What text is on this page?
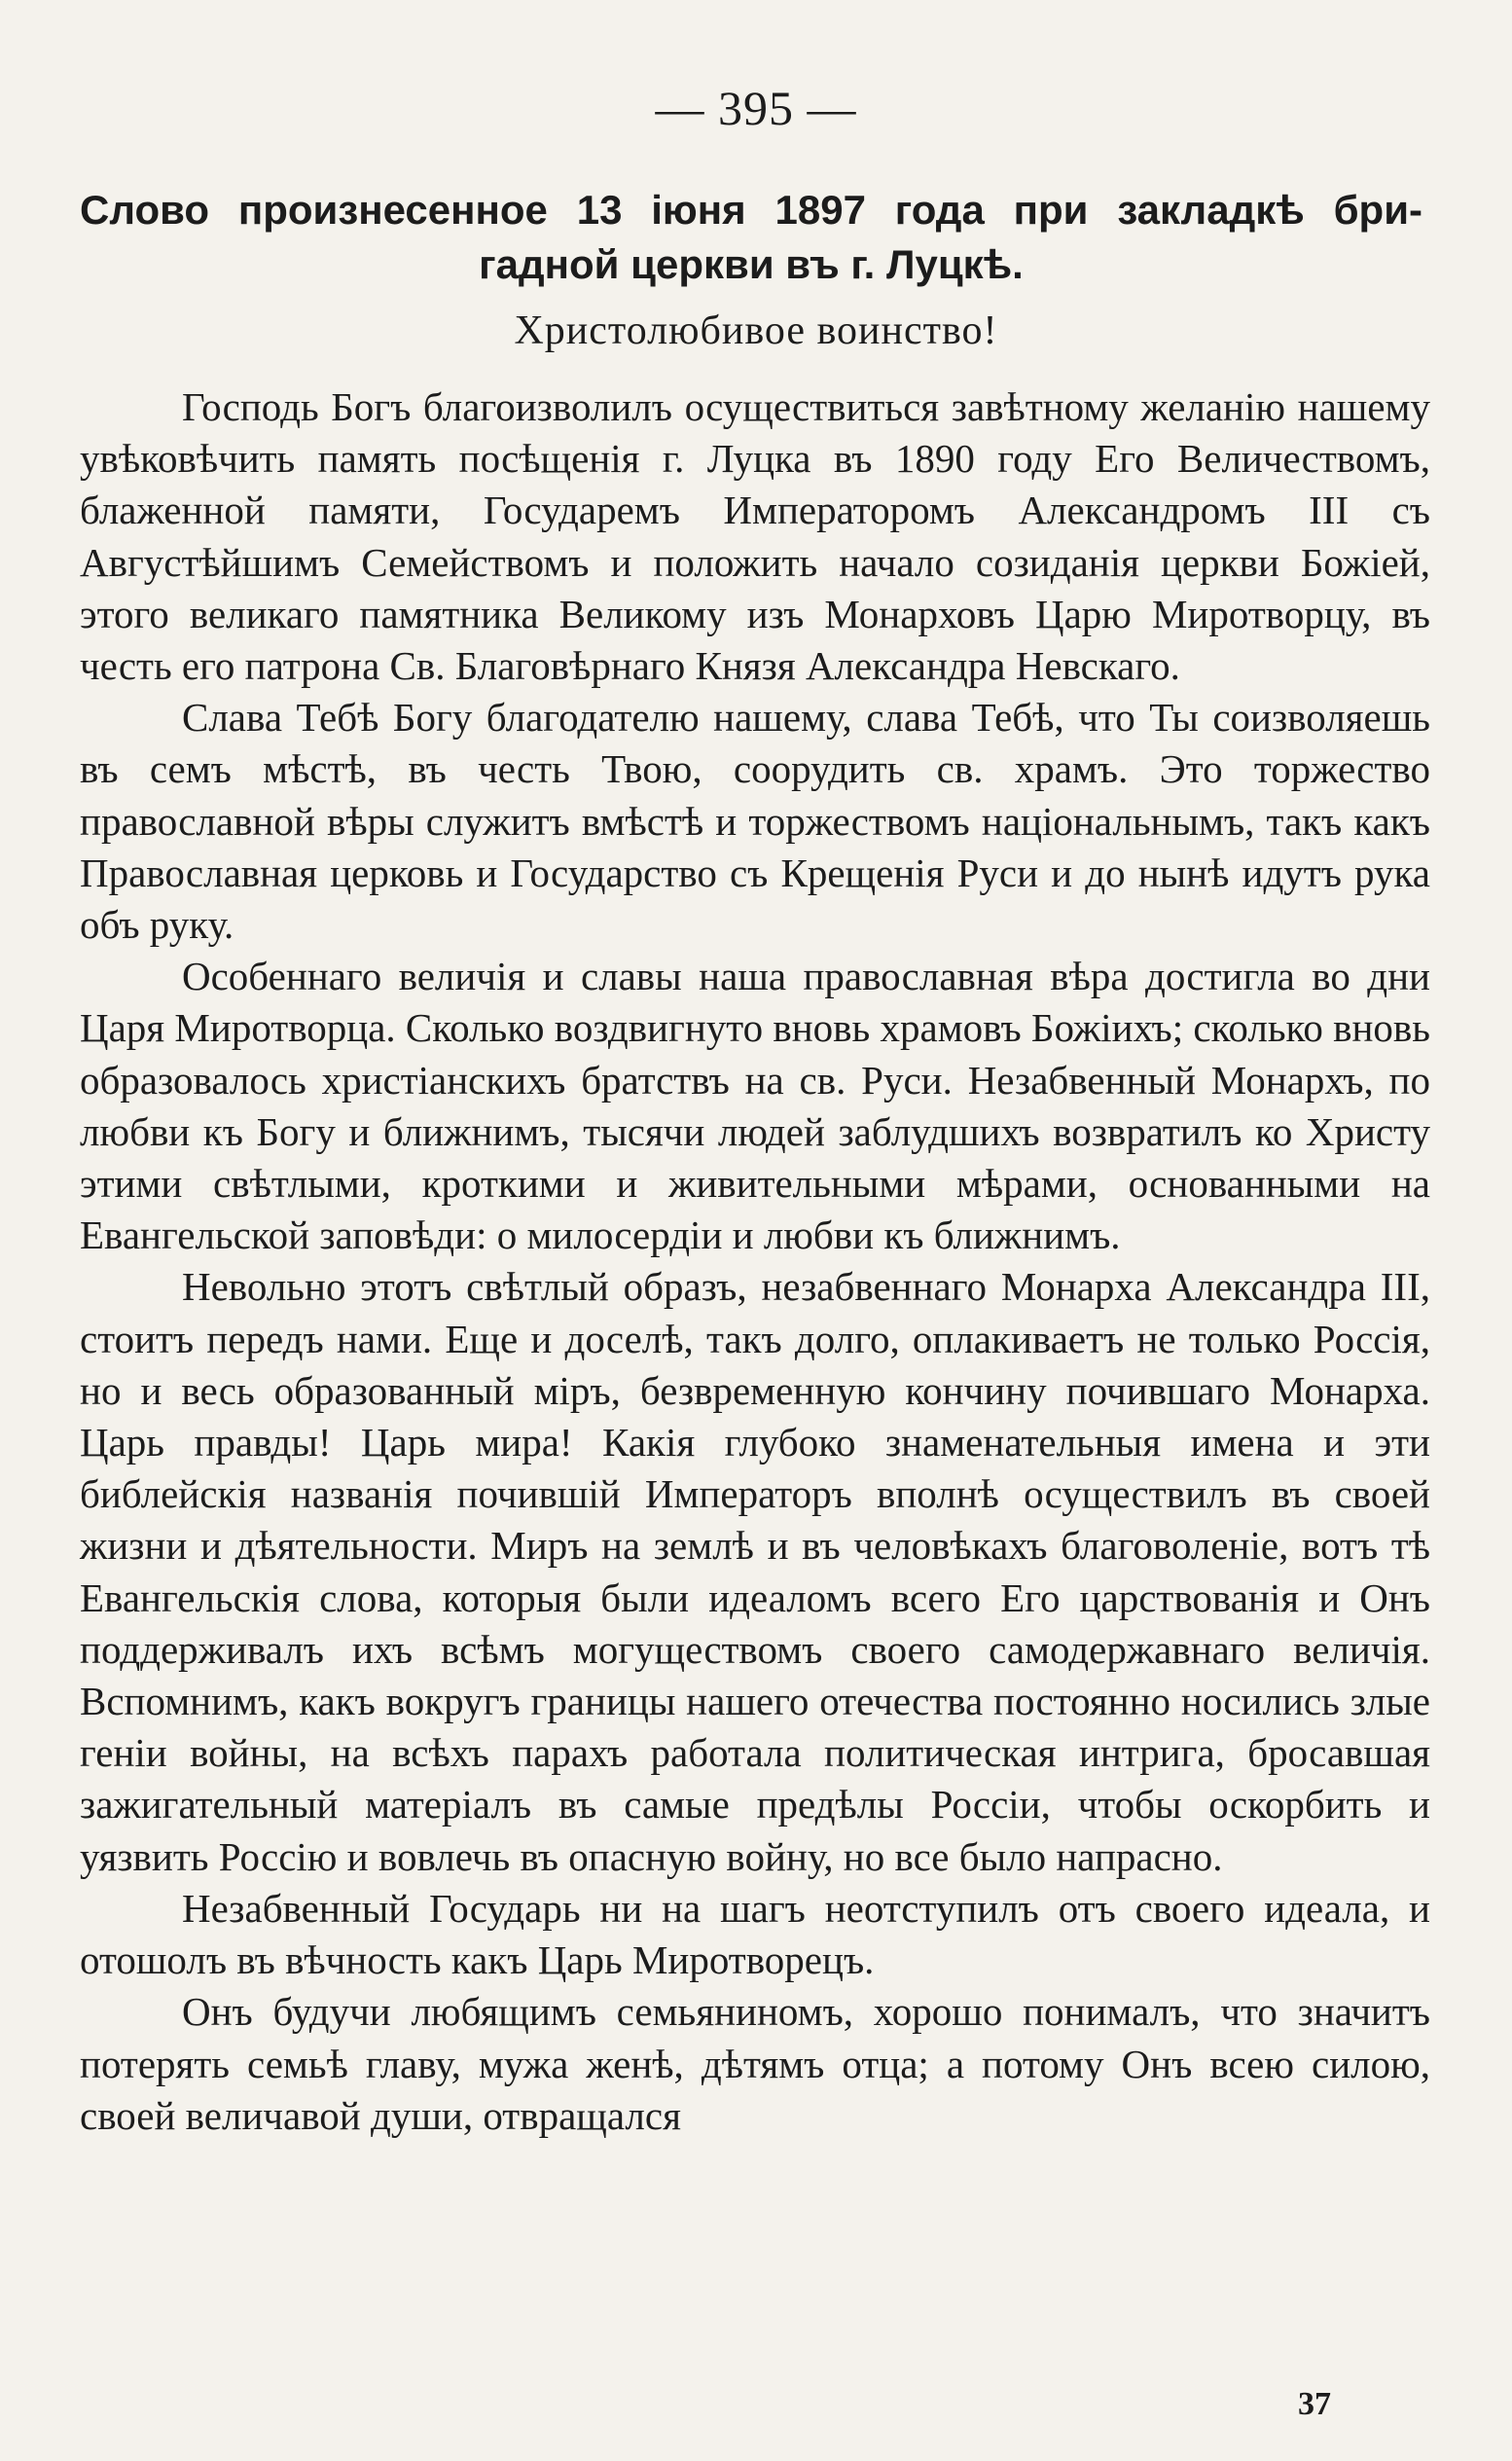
— 395 —
Слово произнесенное 13 іюня 1897 года при закладкѣ бри-
гадной церкви въ г. Луцкѣ.
Христолюбивое воинство!

Господь Богъ благоизволилъ осуществиться завѣтному желанію нашему увѣковѣчить память посѣщенія г. Луцка въ 1890 году Его Величествомъ, блаженной памяти, Государемъ Императоромъ Александромъ III съ Августѣйшимъ Семействомъ и положить начало созиданія церкви Божіей, этого великаго памятника Великому изъ Монарховъ Царю Миротворцу, въ честь его патрона Св. Благовѣрнаго Князя Александра Невскаго.

Слава Тебѣ Богу благодателю нашему, слава Тебѣ, что Ты соизволяешь въ семъ мѣстѣ, въ честь Твою, соорудить св. храмъ. Это торжество православной вѣры служитъ вмѣстѣ и торжествомъ національнымъ, такъ какъ Православная церковь и Государство съ Крещенія Руси и до нынѣ идутъ рука объ руку.

Особеннаго величія и славы наша православная вѣра достигла во дни Царя Миротворца. Сколько воздвигнуто вновь храмовъ Божіихъ; сколько вновь образовалось христіанскихъ братствъ на св. Руси. Незабвенный Монархъ, по любви къ Богу и ближнимъ, тысячи людей заблудшихъ возвратилъ ко Христу этими свѣтлыми, кроткими и живительными мѣрами, основанными на Евангельской заповѣди: о милосердіи и любви къ ближнимъ.

Невольно этотъ свѣтлый образъ, незабвеннаго Монарха Александра III, стоитъ передъ нами. Еще и доселѣ, такъ долго, оплакиваетъ не только Россія, но и весь образованный міръ, безвременную кончину почившаго Монарха. Царь правды! Царь мира! Какія глубоко знаменательныя имена и эти библейскія названія почившій Императоръ вполнѣ осуществилъ въ своей жизни и дѣятельности. Миръ на землѣ и въ человѣкахъ благоволеніе, вотъ тѣ Евангельскія слова, которыя были идеаломъ всего Его царствованія и Онъ поддерживалъ ихъ всѣмъ могуществомъ своего самодержавнаго величія. Вспомнимъ, какъ вокругъ границы нашего отечества постоянно носились злые геніи войны, на всѣхъ парахъ работала политическая интрига, бросавшая зажигательный матеріалъ въ самые предѣлы Россіи, чтобы оскорбить и уязвить Россію и вовлечь въ опасную войну, но все было напрасно.

Незабвенный Государь ни на шагъ неотступилъ отъ своего идеала, и отошолъ въ вѣчность какъ Царь Миротворецъ.

Онъ будучи любящимъ семьяниномъ, хорошо понималъ, что значитъ потерять семьѣ главу, мужа женѣ, дѣтямъ отца; а потому Онъ всею силою, своей величавой души, отвращался

37
